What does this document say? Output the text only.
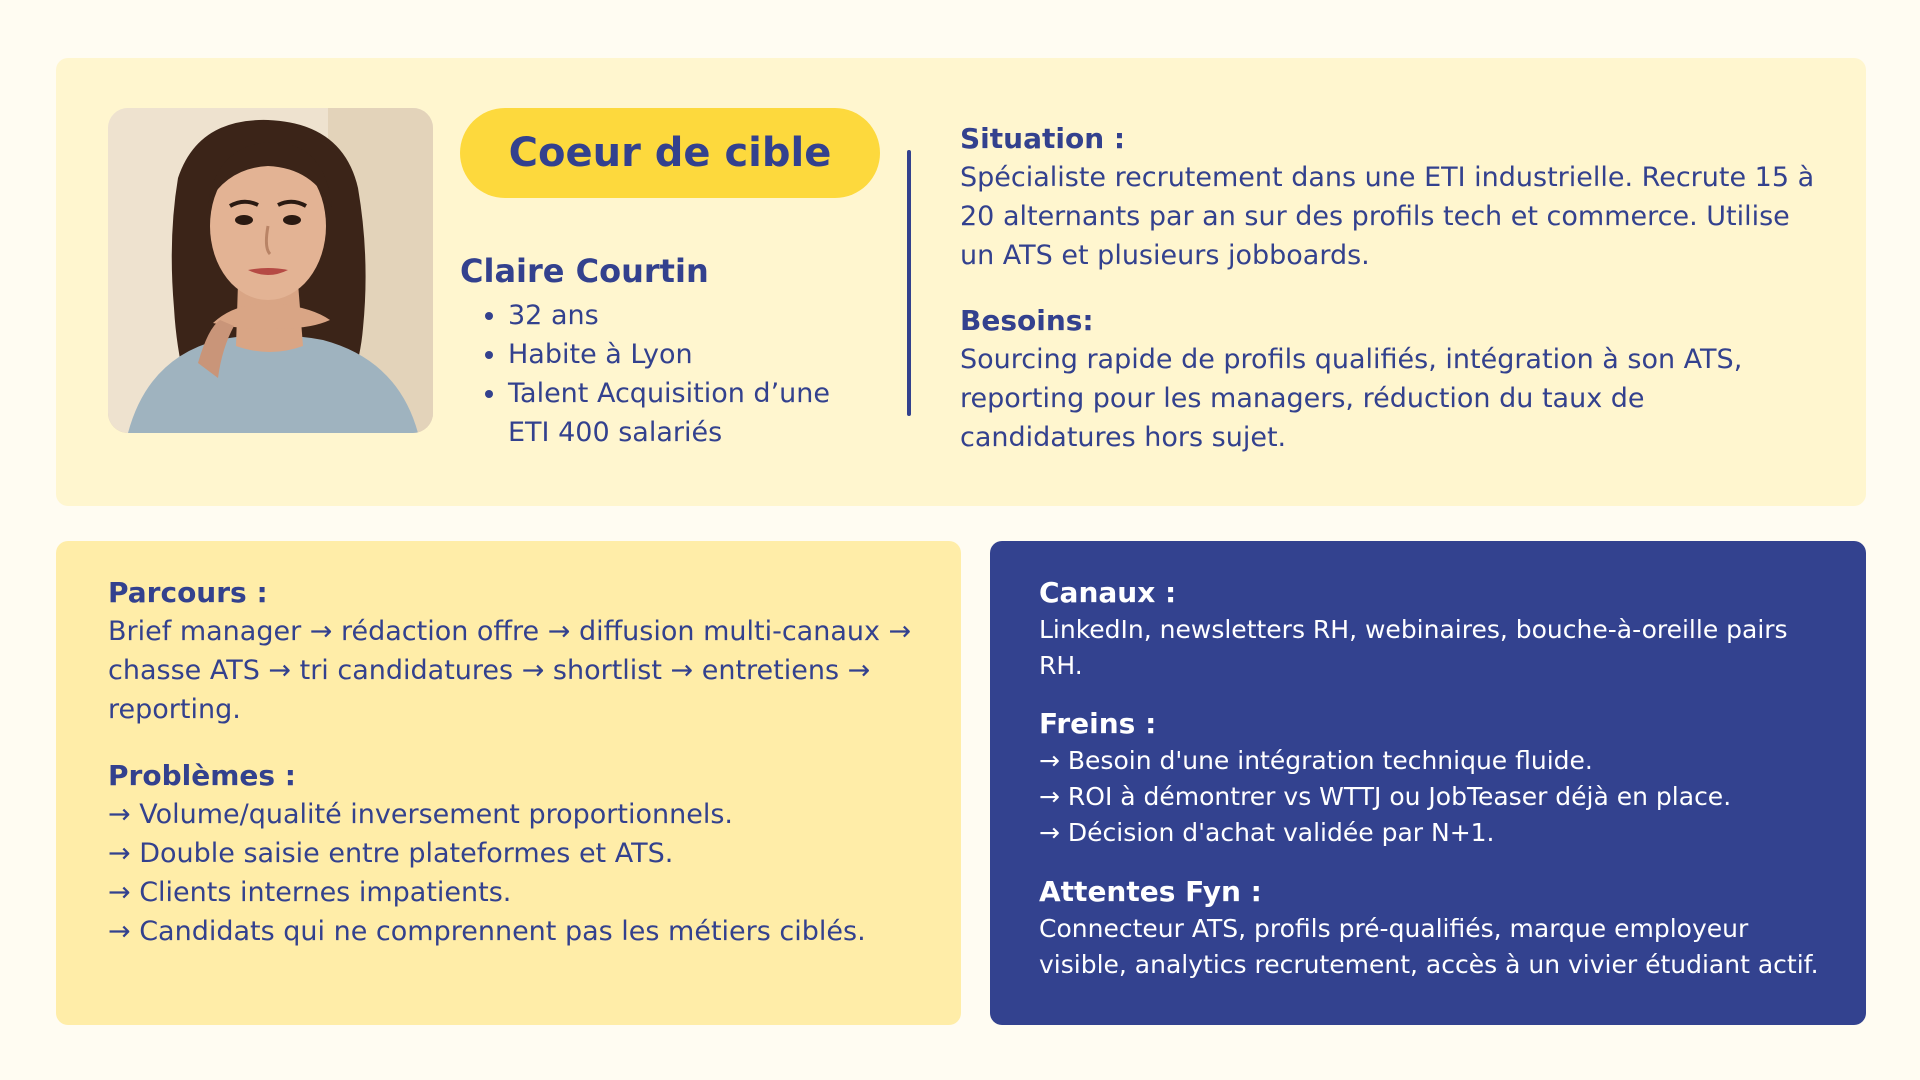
Coeur de cible
Claire Courtin
• 32 ans
• Habite à Lyon
• Talent Acquisition d’une ETI 400 salariés

Situation :

Spécialiste recrutement dans une ETI industrielle. Recrute 15 à 20 alternants par an sur des profils tech et commerce. Utilise un ATS et plusieurs jobboards.

Besoins:

Sourcing rapide de profils qualifiés, intégration à son ATS, reporting pour les managers, réduction du taux de candidatures hors sujet.

Parcours :

Brief manager → rédaction offre → diffusion multi-canaux → chasse ATS → tri candidatures → shortlist → entretiens → reporting.

Problèmes :

→ Volume/qualité inversement proportionnels.
→ Double saisie entre plateformes et ATS.
→ Clients internes impatients.
→ Candidats qui ne comprennent pas les métiers ciblés.

Canaux :

LinkedIn, newsletters RH, webinaires, bouche-à-oreille pairs RH.

Freins :

→ Besoin d'une intégration technique fluide.
→ ROI à démontrer vs WTTJ ou JobTeaser déjà en place.
→ Décision d'achat validée par N+1.

Attentes Fyn :

Connecteur ATS, profils pré-qualifiés, marque employeur visible, analytics recrutement, accès à un vivier étudiant actif.
